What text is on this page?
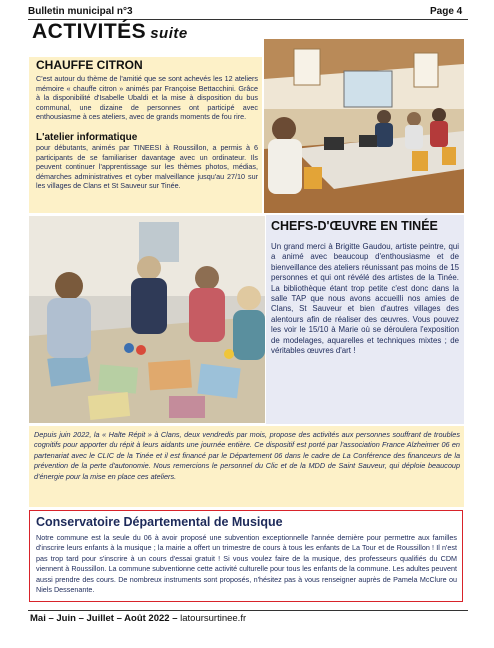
Bulletin municipal n°3	Page 4
ACTIVITÉS suite
CHAUFFE CITRON
C'est autour du thème de l'amitié que se sont achevés les 12 ateliers mémoire « chauffe citron » animés par Françoise Bettacchini. Grâce à la disponibilité d'Isabelle Ubaldi et la mise à disposition du bus communal, une dizaine de personnes ont participé avec enthousiasme à ces ateliers, avec de grands moments de fou rire.
L'atelier informatique
pour débutants, animés par TINEESI à Roussillon, a permis à 6 participants de se familiariser davantage avec un ordinateur. Ils peuvent continuer l'apprentissage sur les thèmes photos, médias, démarches administratives et cyber malveillance jusqu'au 27/10 sur les villages de Clans et St Sauveur sur Tinée.
CHEFS-D'ŒUVRE EN TINÉE
Un grand merci à Brigitte Gaudou, artiste peintre, qui a animé avec beaucoup d'enthousiasme et de bienveillance des ateliers réunissant pas moins de 15 personnes et qui ont révélé des artistes de la Tinée. La bibliothèque étant trop petite c'est donc dans la salle TAP que nous avons accueilli nos amies de Clans, St Sauveur et bien d'autres villages des alentours afin de réaliser des œuvres. Vous pouvez les voir le 15/10 à Marie où se déroulera l'exposition de modelages, aquarelles et techniques mixtes ; de véritables œuvres d'art !
Depuis juin 2022, la « Halte Répit » à Clans, deux vendredis par mois, propose des activités aux personnes souffrant de troubles cognitifs pour apporter du répit à leurs aidants une journée entière. Ce dispositif est porté par l'association France Alzheimer 06 en partenariat avec le CLIC de la Tinée et il est financé par le Département 06 dans le cadre de La Conférence des financeurs de la prévention de la perte d'autonomie. Nous remercions le personnel du Clic et de la MDD de Saint Sauveur, qui déploie beaucoup d'énergie pour la mise en place ces ateliers.
Conservatoire Départemental de Musique
Notre commune est la seule du 06 à avoir proposé une subvention exceptionnelle l'année dernière pour permettre aux familles d'inscrire leurs enfants à la musique ; la mairie a offert un trimestre de cours à tous les enfants de La Tour et de Roussillon ! Il n'est pas trop tard pour s'inscrire à un cours d'essai gratuit ! Si vous voulez faire de la musique, des professeurs qualifiés du CDM viennent à Roussillon. La commune subventionne cette activité culturelle pour tous les enfants de la commune. Les adultes peuvent aussi prendre des cours. De nombreux instruments sont proposés, n'hésitez pas à vous renseigner auprès de Pamela McClure ou Niels Dessenante.
Mai – Juin – Juillet – Août 2022 – latoursurtinee.fr
